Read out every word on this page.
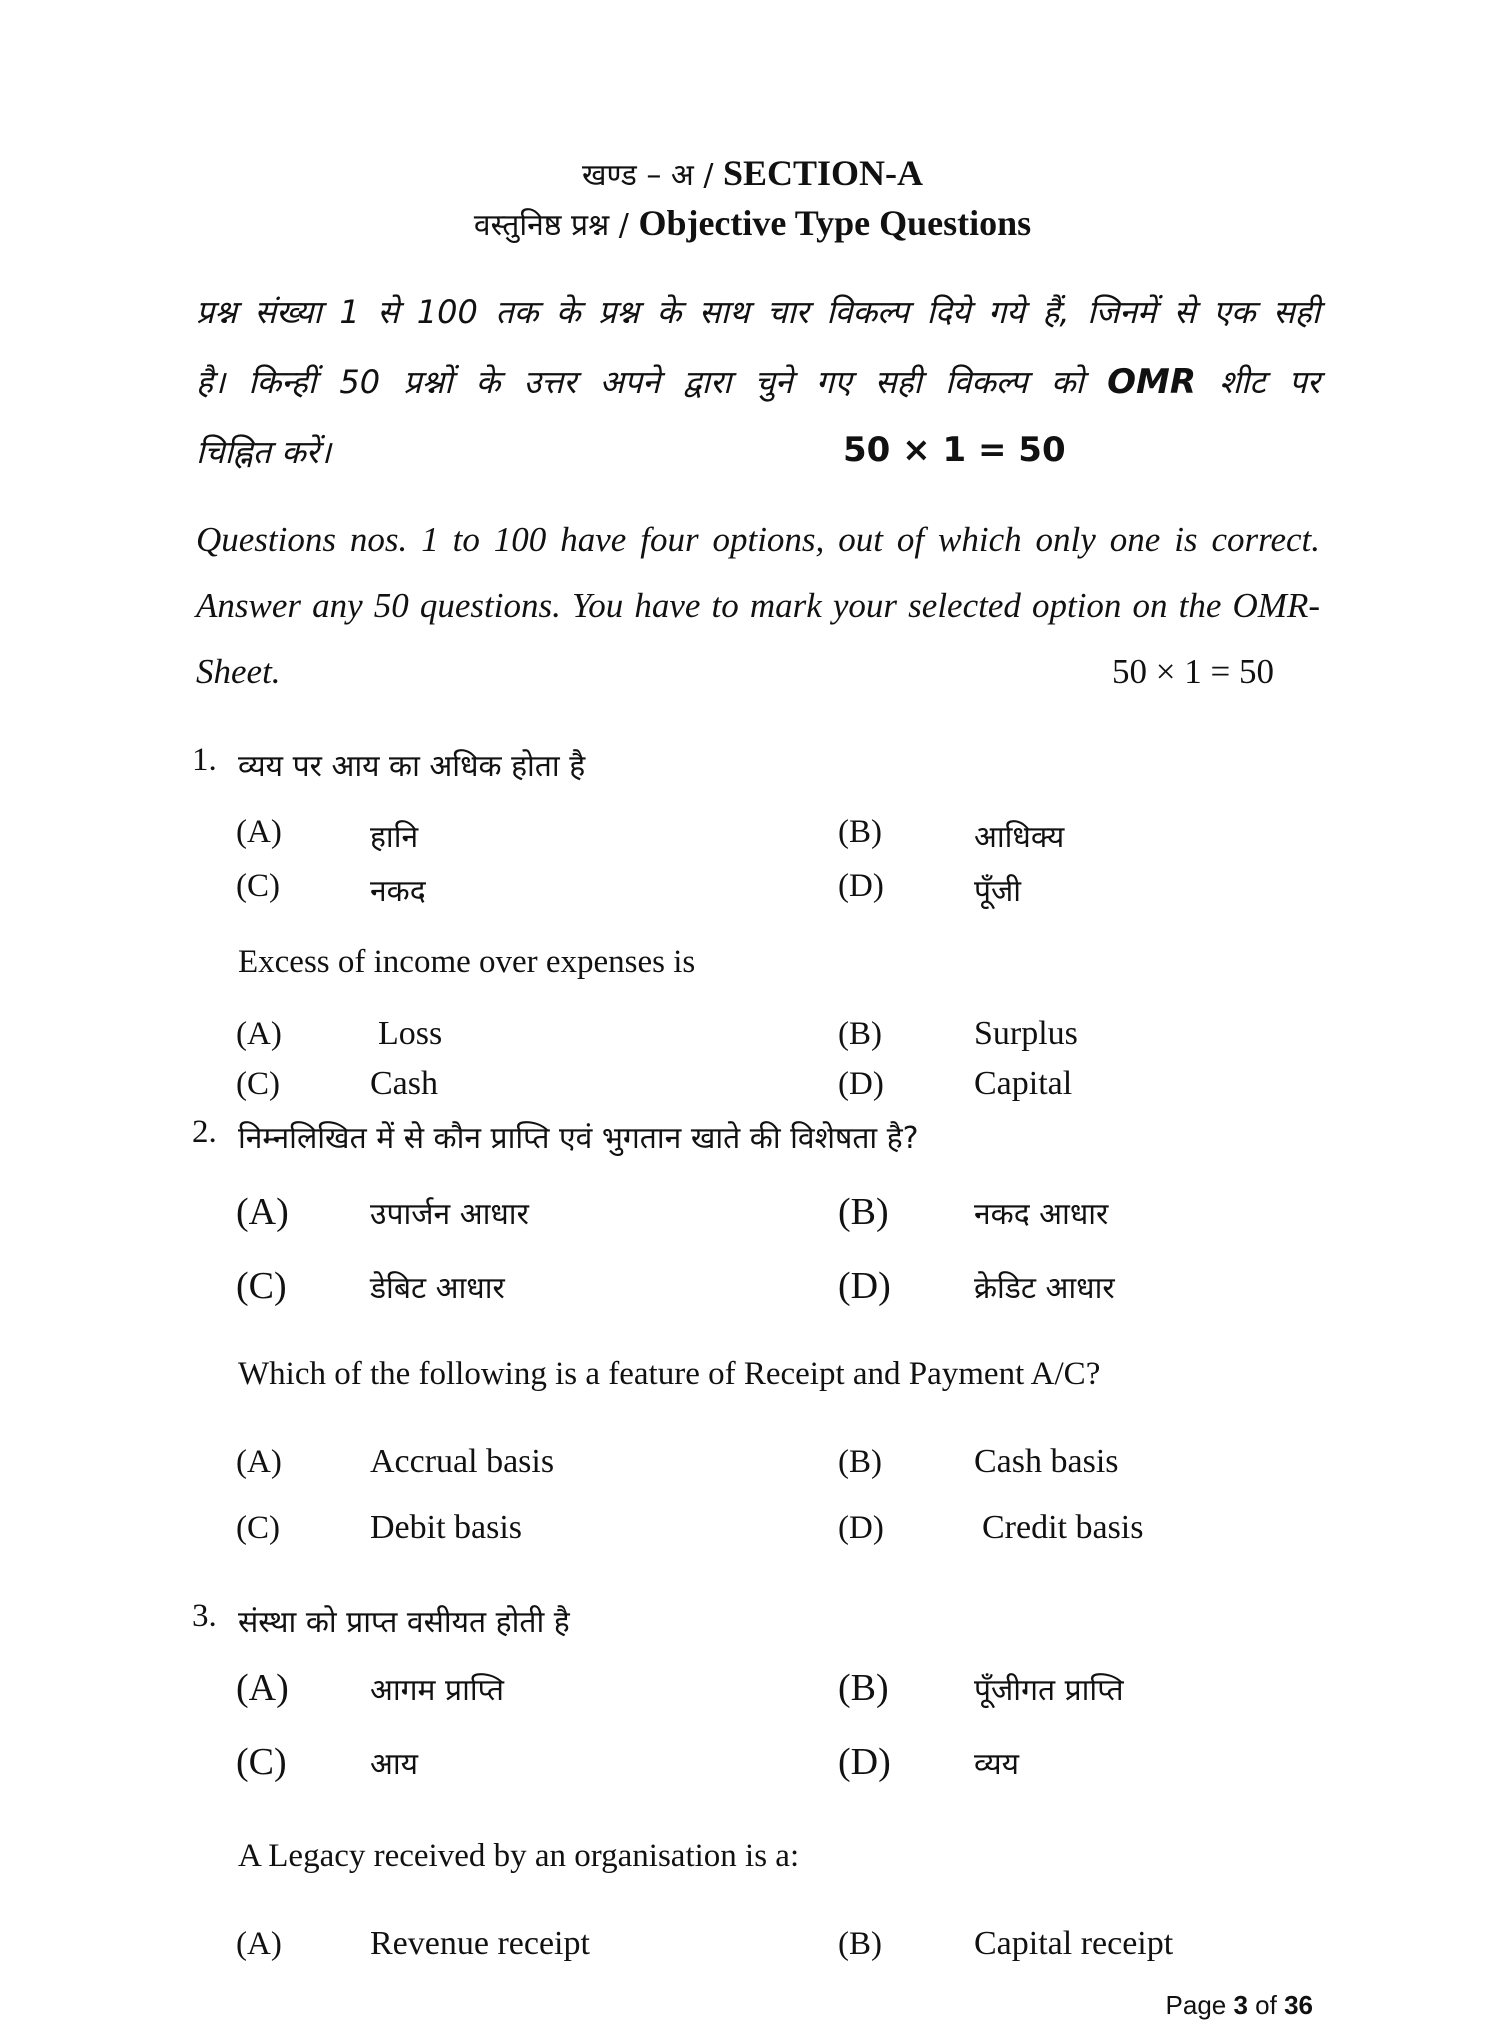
खण्ड – अ / SECTION-A
वस्तुनिष्ठ प्रश्न / Objective Type Questions
प्रश्न संख्या 1 से 100 तक के प्रश्न के साथ चार विकल्प दिये गये हैं, जिनमें से एक सही
है। किन्हीं 50 प्रश्नों के उत्तर अपने द्वारा चुने गए सही विकल्प को OMR शीट पर
चिह्नित करें।	50 × 1 = 50
Questions nos. 1 to 100 have four options, out of which only one is correct.
Answer any 50 questions. You have to mark your selected option on the OMR-
Sheet.	50 × 1 = 50
1. व्यय पर आय का अधिक होता है
(A)	हानि	(B)	आधिक्य
(C)	नकद	(D)	पूँजी
Excess of income over expenses is
(A)	Loss	(B)	Surplus
(C)	Cash	(D)	Capital
2. निम्नलिखित में से कौन प्राप्ति एवं भुगतान खाते की विशेषता है?
(A)	उपार्जन आधार	(B)	नकद आधार
(C)	डेबिट आधार	(D)	क्रेडिट आधार
Which of the following is a feature of Receipt and Payment A/C?
(A)	Accrual basis	(B)	Cash basis
(C)	Debit basis	(D)	Credit basis
3. संस्था को प्राप्त वसीयत होती है
(A)	आगम प्राप्ति	(B)	पूँजीगत प्राप्ति
(C)	आय	(D)	व्यय
A Legacy received by an organisation is a:
(A)	Revenue receipt	(B)	Capital receipt
Page 3 of 36
